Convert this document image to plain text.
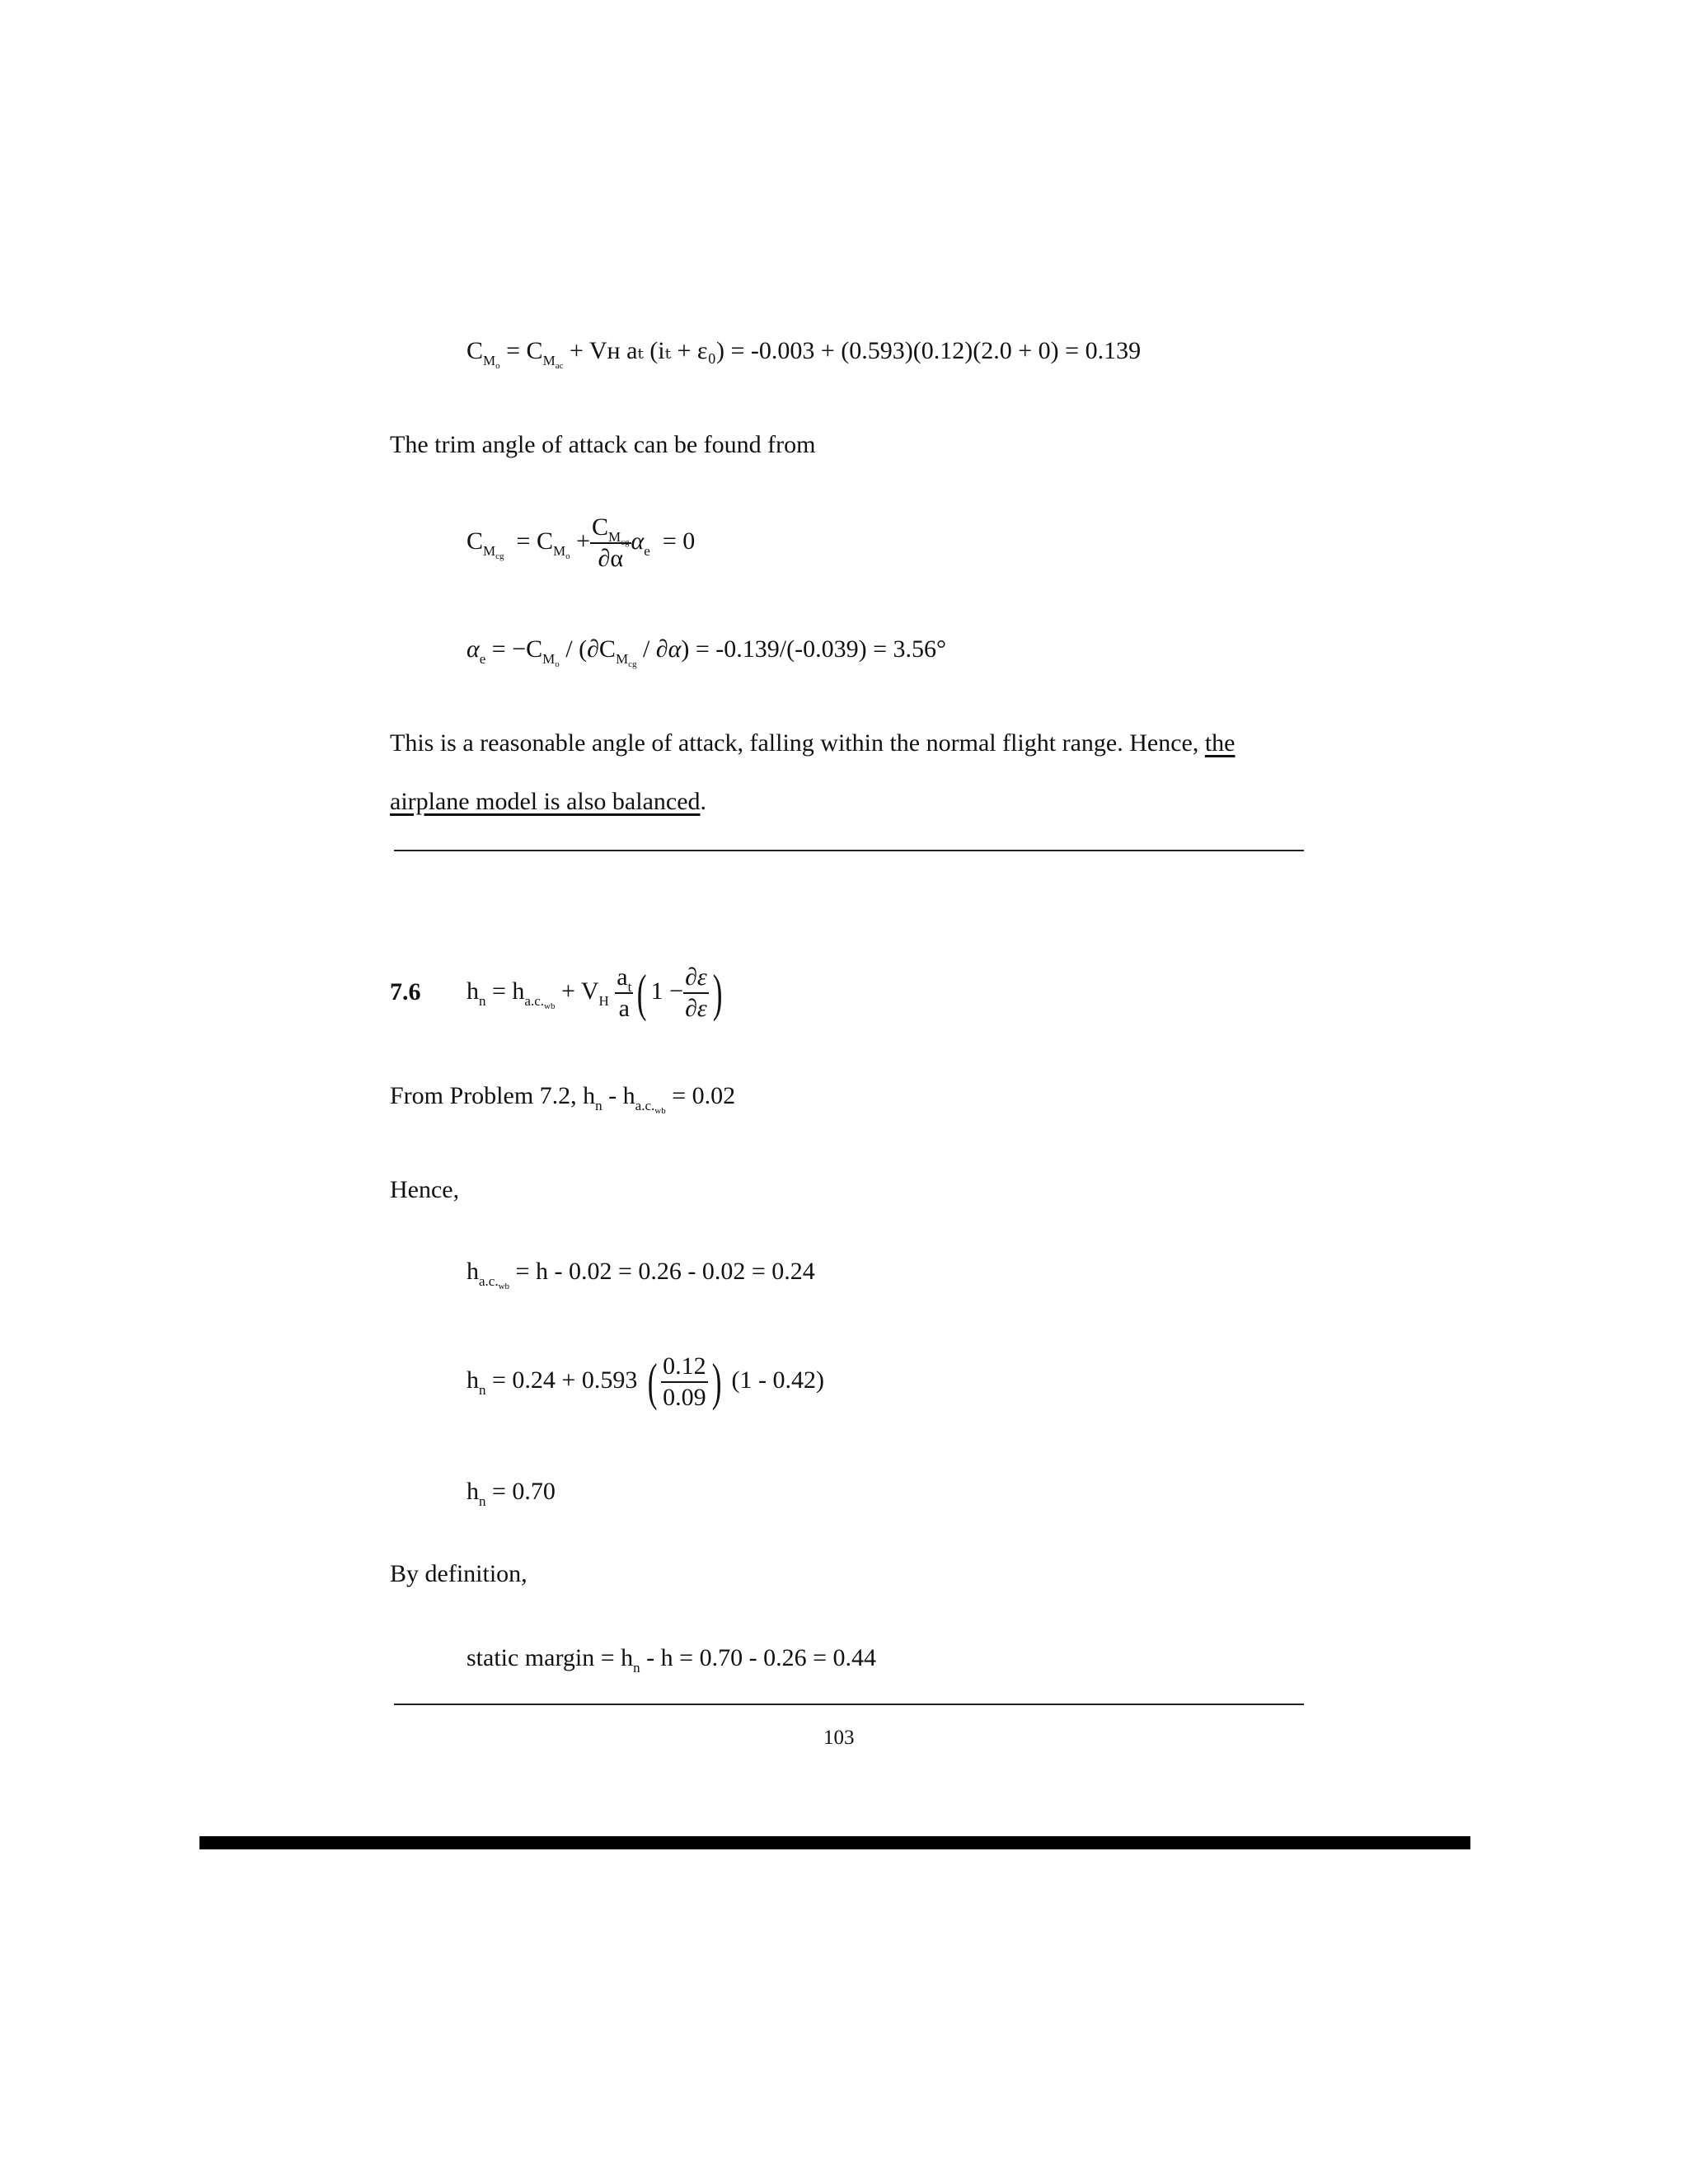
$C_{M_o} = C_{M_{ac}}$ + Vʜ aₜ (iₜ + ε₀) = -0.003 + (0.593)(0.12)(2.0 + 0) = 0.139
The trim angle of attack can be found from
$C_{M_{cg}} = C_{M_o} + \frac{C_{M_{cg}}}{\partial\alpha} \alpha_e = 0$
$\alpha_e = -C_{M_o} / (\partial C_{M_{cg}} / \partial\alpha) = -0.139/(-0.039) = 3.56^\circ$
This is a reasonable angle of attack, falling within the normal flight range. Hence, the
airplane model is also balanced.
7.6 $h_n = h_{a.c._{wb}} + V_H \frac{a_t}{a}$ ( $1 - \frac{\partial\varepsilon}{\partial\varepsilon}$ )
From Problem 7.2, $h_n - h_{a.c._{wb}} = 0.02$
Hence,
$h_{a.c._{wb}} = h - 0.02 = 0.26 - 0.02 = 0.24$
$h_n = 0.24 + 0.593$ ( $\frac{0.12}{0.09}$ ) (1 - 0.42)
$h_n = 0.70$
By definition,
static margin = $h_n - h = 0.70 - 0.26 = 0.44$
103
